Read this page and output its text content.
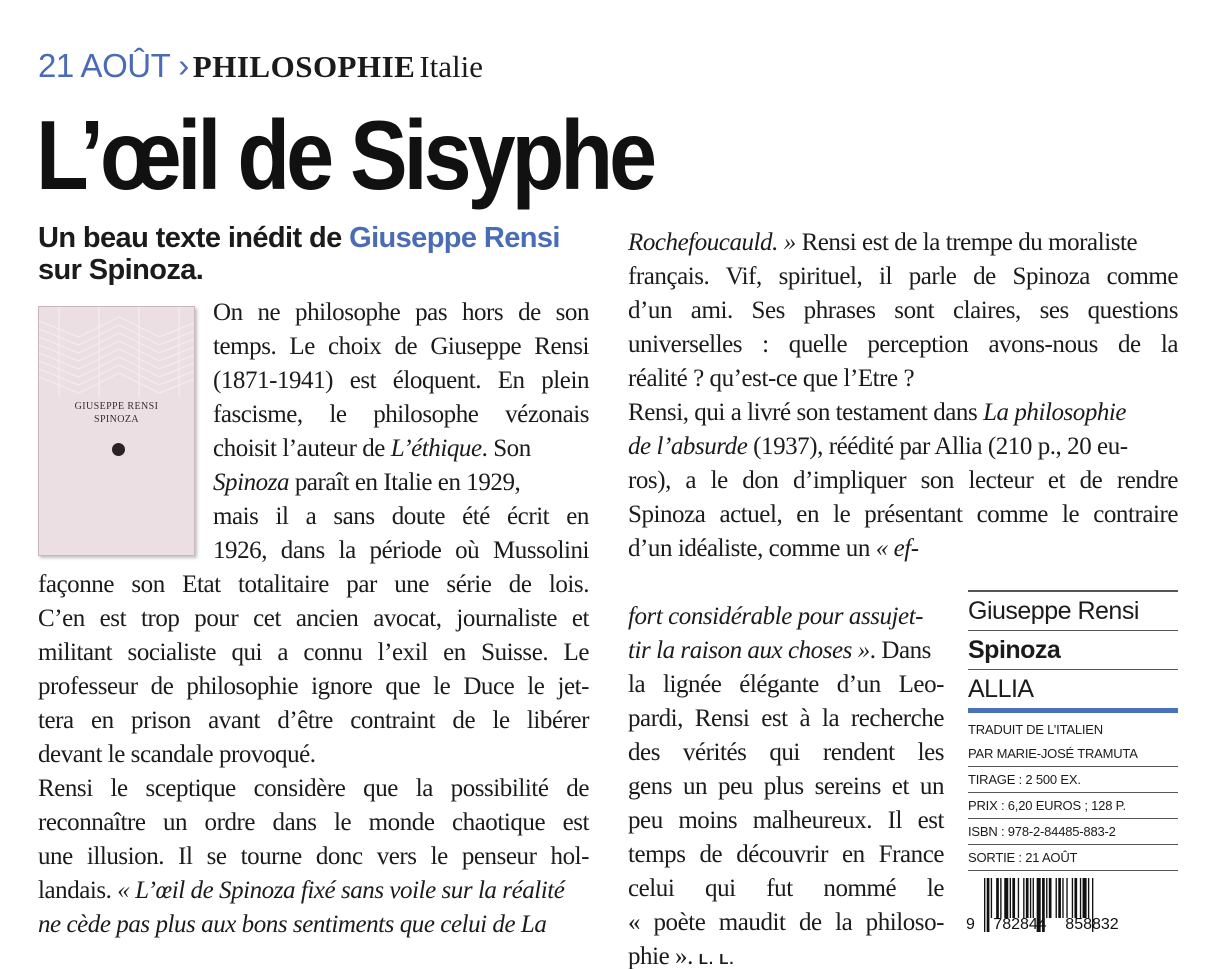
21 AOÛT › PHILOSOPHIE Italie
L’œil de Sisyphe
Un beau texte inédit de Giuseppe Rensi
sur Spinoza.
GIUSEPPE RENSI
SPINOZA
On ne philosophe pas hors de son
temps. Le choix de Giuseppe Rensi
(1871-1941) est éloquent. En plein
fascisme, le philosophe vézonais
choisit l’auteur de L’éthique. Son
Spinoza paraît en Italie en 1929,
mais il a sans doute été écrit en
1926, dans la période où Mussolini
façonne son Etat totalitaire par une série de lois.
C’en est trop pour cet ancien avocat, journaliste et
militant socialiste qui a connu l’exil en Suisse. Le
professeur de philosophie ignore que le Duce le jet-
tera en prison avant d’être contraint de le libérer
devant le scandale provoqué.
Rensi le sceptique considère que la possibilité de
reconnaître un ordre dans le monde chaotique est
une illusion. Il se tourne donc vers le penseur hol-
landais. « L’œil de Spinoza fixé sans voile sur la réalité
ne cède pas plus aux bons sentiments que celui de La
Rochefoucauld. » Rensi est de la trempe du moraliste
français. Vif, spirituel, il parle de Spinoza comme
d’un ami. Ses phrases sont claires, ses questions
universelles : quelle perception avons-nous de la
réalité ? qu’est-ce que l’Etre ?
Rensi, qui a livré son testament dans La philosophie
de l’absurde (1937), réédité par Allia (210 p., 20 eu-
ros), a le don d’impliquer son lecteur et de rendre
Spinoza actuel, en le présentant comme le contraire
d’un idéaliste, comme un « ef-
fort considérable pour assujet-
tir la raison aux choses ». Dans
la lignée élégante d’un Leo-
pardi, Rensi est à la recherche
des vérités qui rendent les
gens un peu plus sereins et un
peu moins malheureux. Il est
temps de découvrir en France
celui qui fut nommé le
« poète maudit de la philoso-
phie ». L. L.
Giuseppe Rensi
Spinoza
ALLIA
TRADUIT DE L’ITALIEN
PAR MARIE-JOSÉ TRAMUTA
TIRAGE : 2 500 EX.
PRIX : 6,20 EUROS ; 128 P.
ISBN : 978-2-84485-883-2
SORTIE : 21 AOÛT
9 782844 858832
